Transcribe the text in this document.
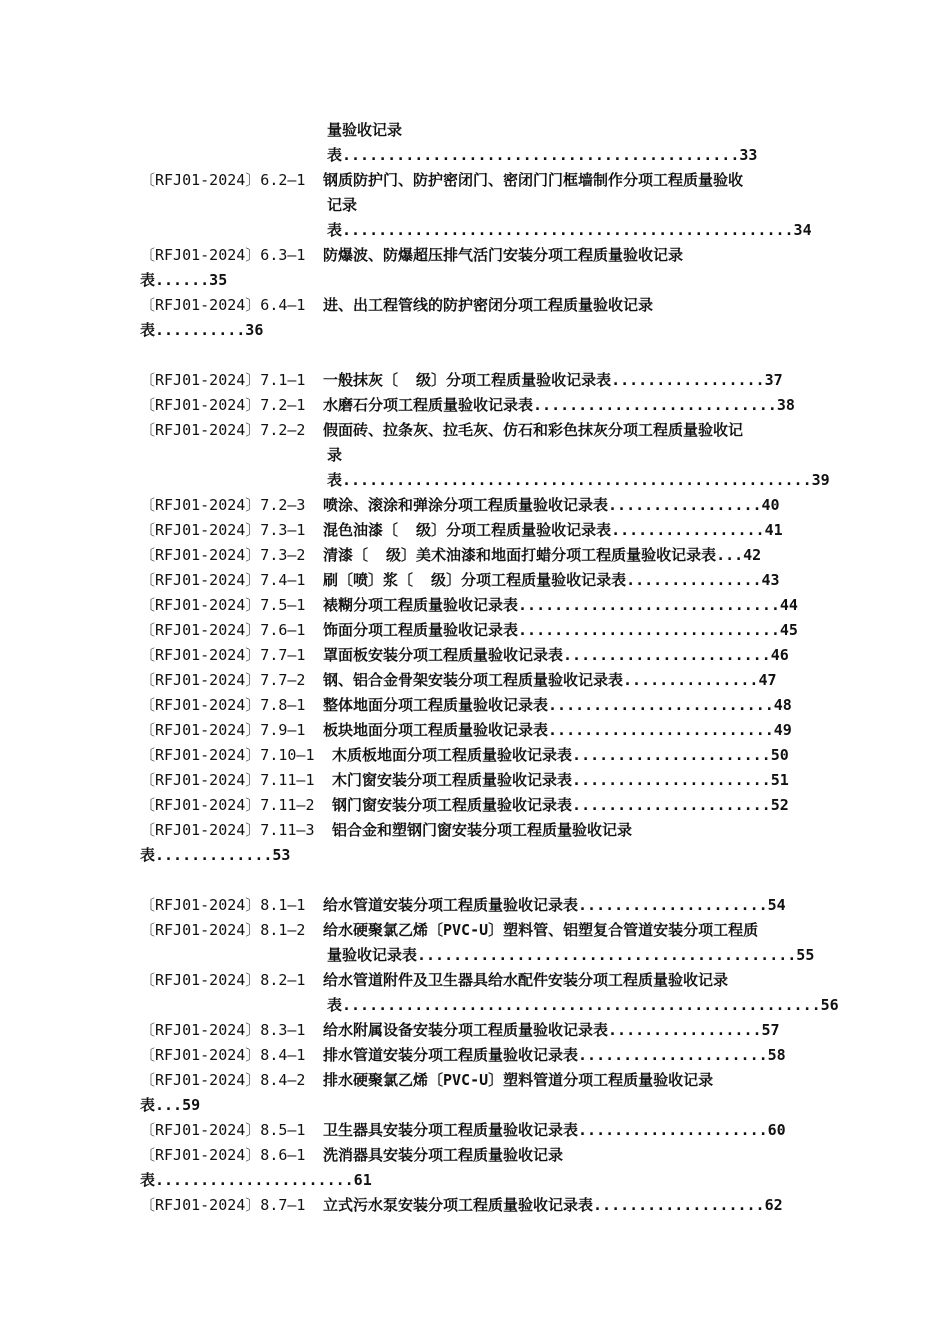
量验收记录
表............................................33
〔RFJ01-2024〕6.2—1 钢质防护门、防护密闭门、密闭门门框墙制作分项工程质量验收
记录
表..................................................34
〔RFJ01-2024〕6.3—1 防爆波、防爆超压排气活门安装分项工程质量验收记录
表......35
〔RFJ01-2024〕6.4—1 进、出工程管线的防护密闭分项工程质量验收记录
表..........36
〔RFJ01-2024〕7.1—1 一般抹灰〔  级〕分项工程质量验收记录表.................37
〔RFJ01-2024〕7.2—1 水磨石分项工程质量验收记录表...........................38
〔RFJ01-2024〕7.2—2 假面砖、拉条灰、拉毛灰、仿石和彩色抹灰分项工程质量验收记
录
表....................................................39
〔RFJ01-2024〕7.2—3 喷涂、滚涂和弹涂分项工程质量验收记录表.................40
〔RFJ01-2024〕7.3—1 混色油漆〔  级〕分项工程质量验收记录表.................41
〔RFJ01-2024〕7.3—2 清漆〔  级〕美术油漆和地面打蜡分项工程质量验收记录表...42
〔RFJ01-2024〕7.4—1 刷〔喷〕浆〔  级〕分项工程质量验收记录表...............43
〔RFJ01-2024〕7.5—1 裱糊分项工程质量验收记录表.............................44
〔RFJ01-2024〕7.6—1 饰面分项工程质量验收记录表.............................45
〔RFJ01-2024〕7.7—1 罩面板安装分项工程质量验收记录表.......................46
〔RFJ01-2024〕7.7—2 钢、铝合金骨架安装分项工程质量验收记录表...............47
〔RFJ01-2024〕7.8—1 整体地面分项工程质量验收记录表.........................48
〔RFJ01-2024〕7.9—1 板块地面分项工程质量验收记录表.........................49
〔RFJ01-2024〕7.10—1 木质板地面分项工程质量验收记录表......................50
〔RFJ01-2024〕7.11—1 木门窗安装分项工程质量验收记录表......................51
〔RFJ01-2024〕7.11—2 钢门窗安装分项工程质量验收记录表......................52
〔RFJ01-2024〕7.11—3 铝合金和塑钢门窗安装分项工程质量验收记录
表.............53
〔RFJ01-2024〕8.1—1 给水管道安装分项工程质量验收记录表.....................54
〔RFJ01-2024〕8.1—2 给水硬聚氯乙烯〔PVC-U〕塑料管、铝塑复合管道安装分项工程质
量验收记录表..........................................55
〔RFJ01-2024〕8.2—1 给水管道附件及卫生器具给水配件安装分项工程质量验收记录
表.....................................................56
〔RFJ01-2024〕8.3—1 给水附属设备安装分项工程质量验收记录表.................57
〔RFJ01-2024〕8.4—1 排水管道安装分项工程质量验收记录表.....................58
〔RFJ01-2024〕8.4—2 排水硬聚氯乙烯〔PVC-U〕塑料管道分项工程质量验收记录
表...59
〔RFJ01-2024〕8.5—1 卫生器具安装分项工程质量验收记录表.....................60
〔RFJ01-2024〕8.6—1 洗消器具安装分项工程质量验收记录
表......................61
〔RFJ01-2024〕8.7—1 立式污水泵安装分项工程质量验收记录表...................62
